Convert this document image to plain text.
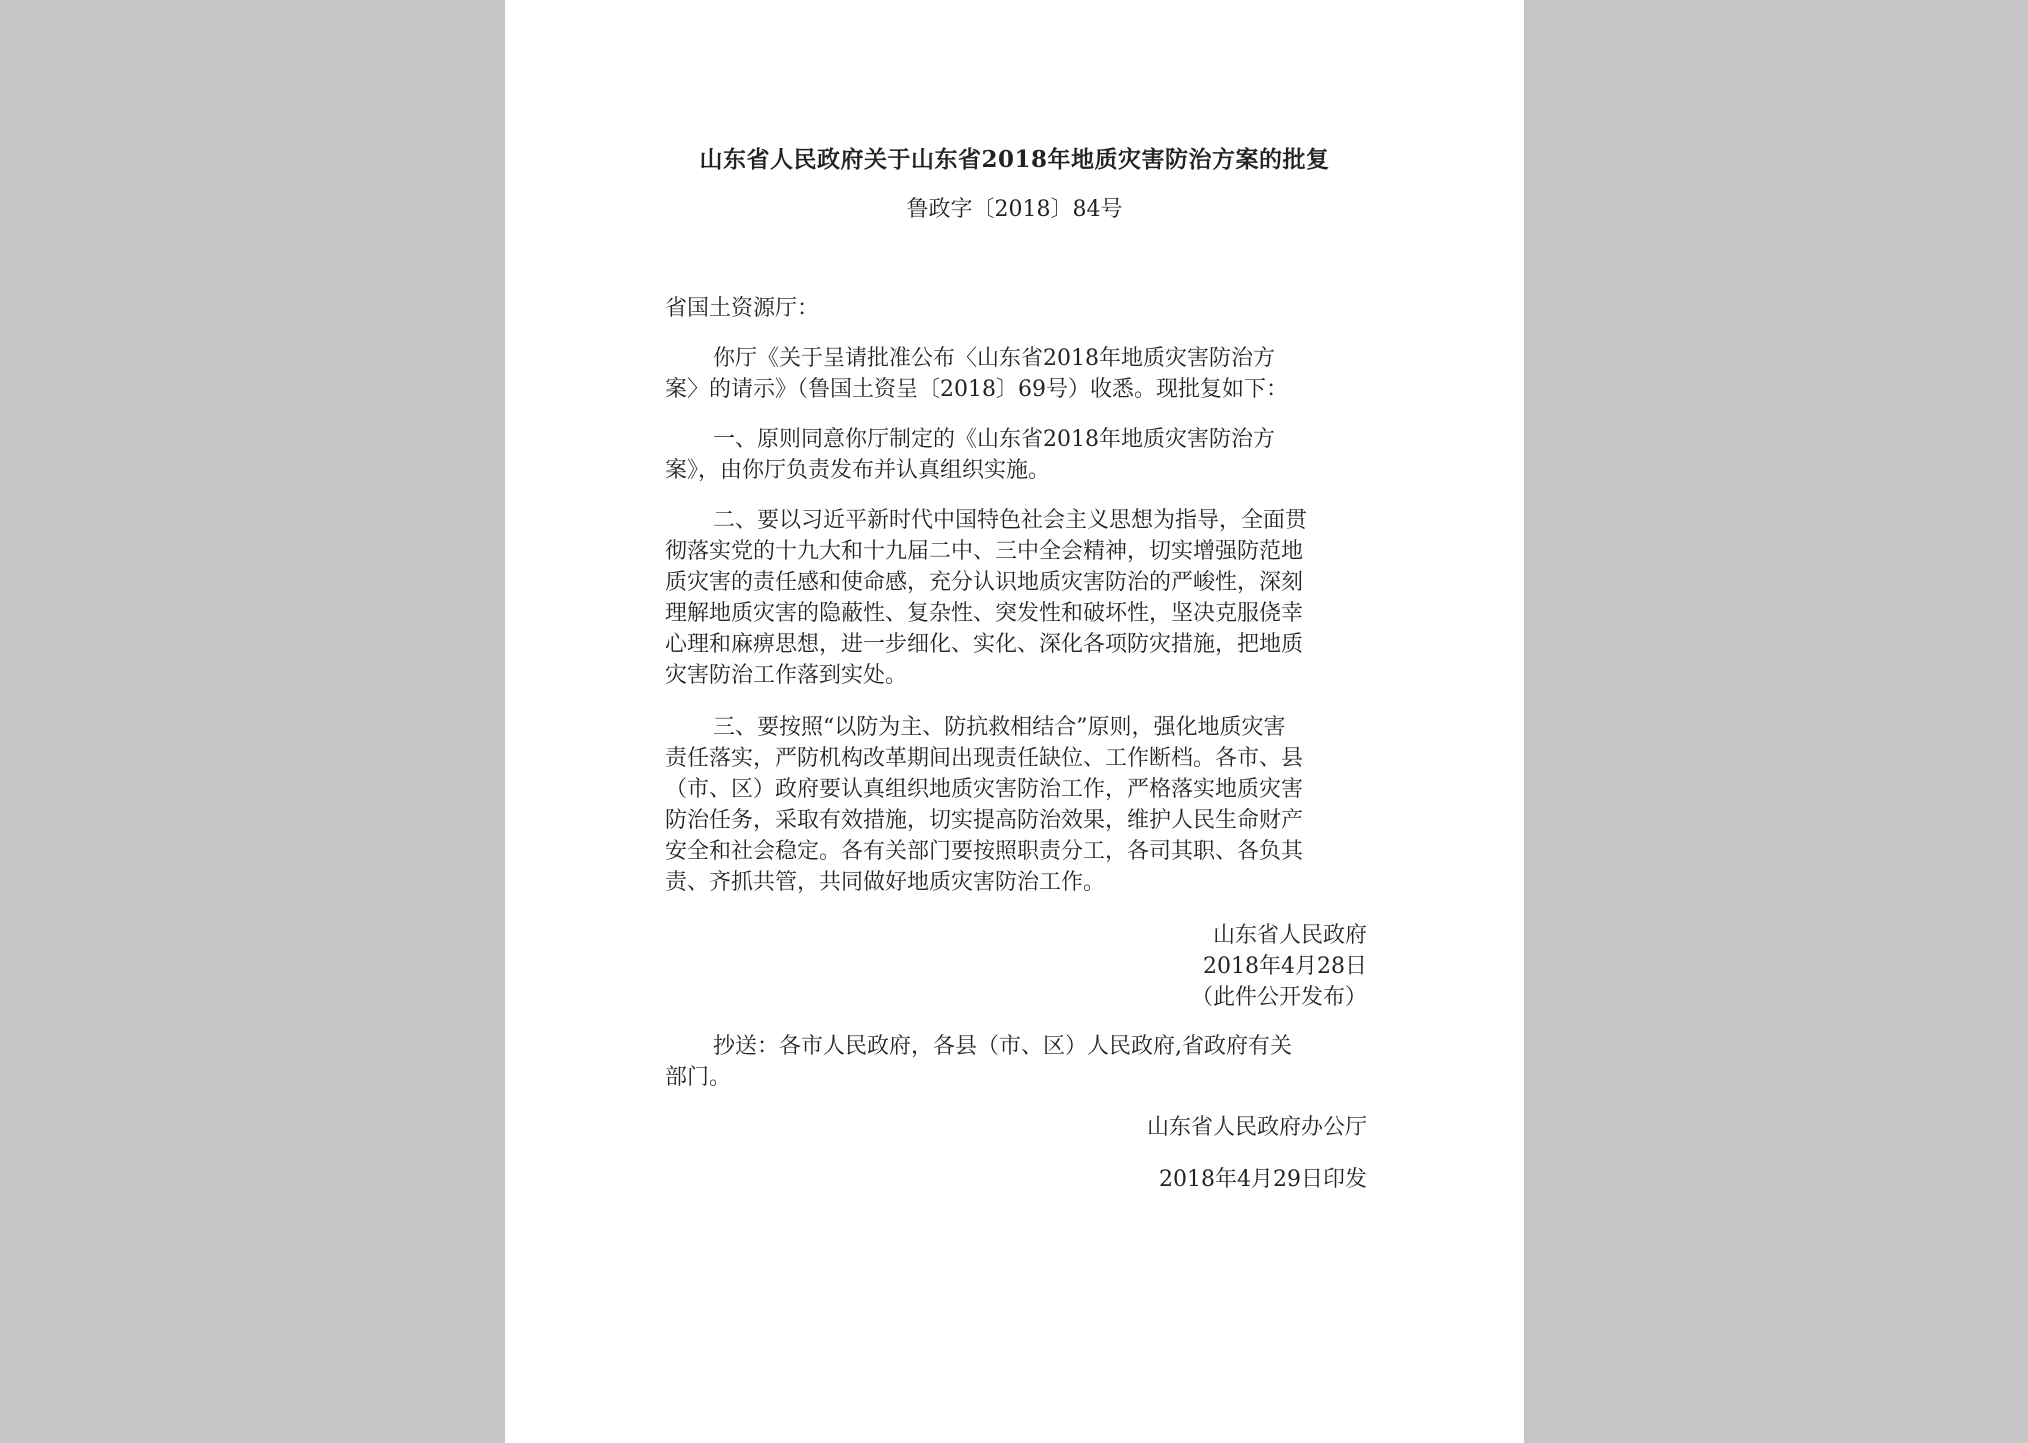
山东省人民政府关于山东省2018年地质灾害防治方案的批复
鲁政字〔2018〕84号
省国土资源厅：
你厅《关于呈请批准公布〈山东省2018年地质灾害防治方
案〉的请示》（鲁国土资呈〔2018〕69号）收悉。现批复如下：
一、原则同意你厅制定的《山东省2018年地质灾害防治方
案》，由你厅负责发布并认真组织实施。
二、要以习近平新时代中国特色社会主义思想为指导，全面贯
彻落实党的十九大和十九届二中、三中全会精神，切实增强防范地
质灾害的责任感和使命感，充分认识地质灾害防治的严峻性，深刻
理解地质灾害的隐蔽性、复杂性、突发性和破坏性，坚决克服侥幸
心理和麻痹思想，进一步细化、实化、深化各项防灾措施，把地质
灾害防治工作落到实处。
三、要按照“以防为主、防抗救相结合”原则，强化地质灾害
责任落实，严防机构改革期间出现责任缺位、工作断档。各市、县
（市、区）政府要认真组织地质灾害防治工作，严格落实地质灾害
防治任务，采取有效措施，切实提高防治效果，维护人民生命财产
安全和社会稳定。各有关部门要按照职责分工，各司其职、各负其
责、齐抓共管，共同做好地质灾害防治工作。
山东省人民政府
2018年4月28日
（此件公开发布）
抄送：各市人民政府，各县（市、区）人民政府,省政府有关
部门。
山东省人民政府办公厅
2018年4月29日印发
